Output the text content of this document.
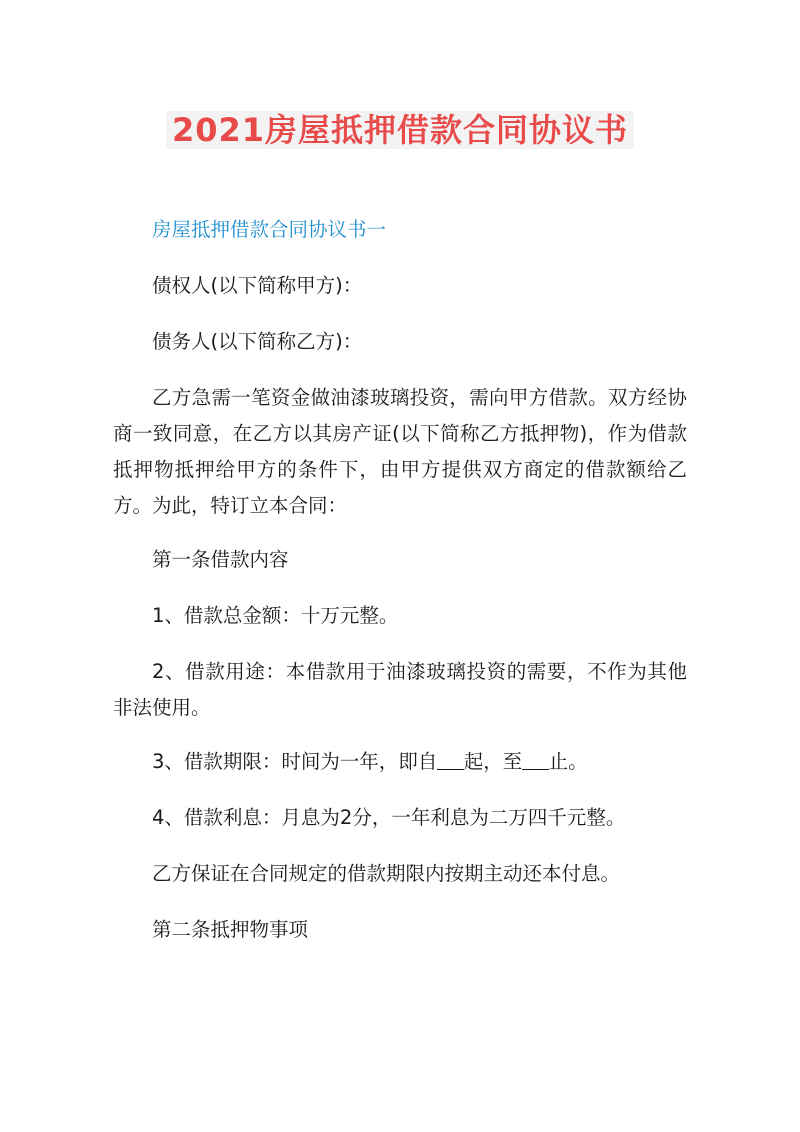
2021房屋抵押借款合同协议书

房屋抵押借款合同协议书一

债权人(以下简称甲方)：

债务人(以下简称乙方)：

乙方急需一笔资金做油漆玻璃投资，需向甲方借款。双方经协商一致同意，在乙方以其房产证(以下简称乙方抵押物)，作为借款抵押物抵押给甲方的条件下，由甲方提供双方商定的借款额给乙方。为此，特订立本合同：

第一条借款内容

1、借款总金额：十万元整。

2、借款用途：本借款用于油漆玻璃投资的需要，不作为其他非法使用。

3、借款期限：时间为一年，即自 起，至 止。

4、借款利息：月息为2分，一年利息为二万四千元整。

乙方保证在合同规定的借款期限内按期主动还本付息。

第二条抵押物事项
